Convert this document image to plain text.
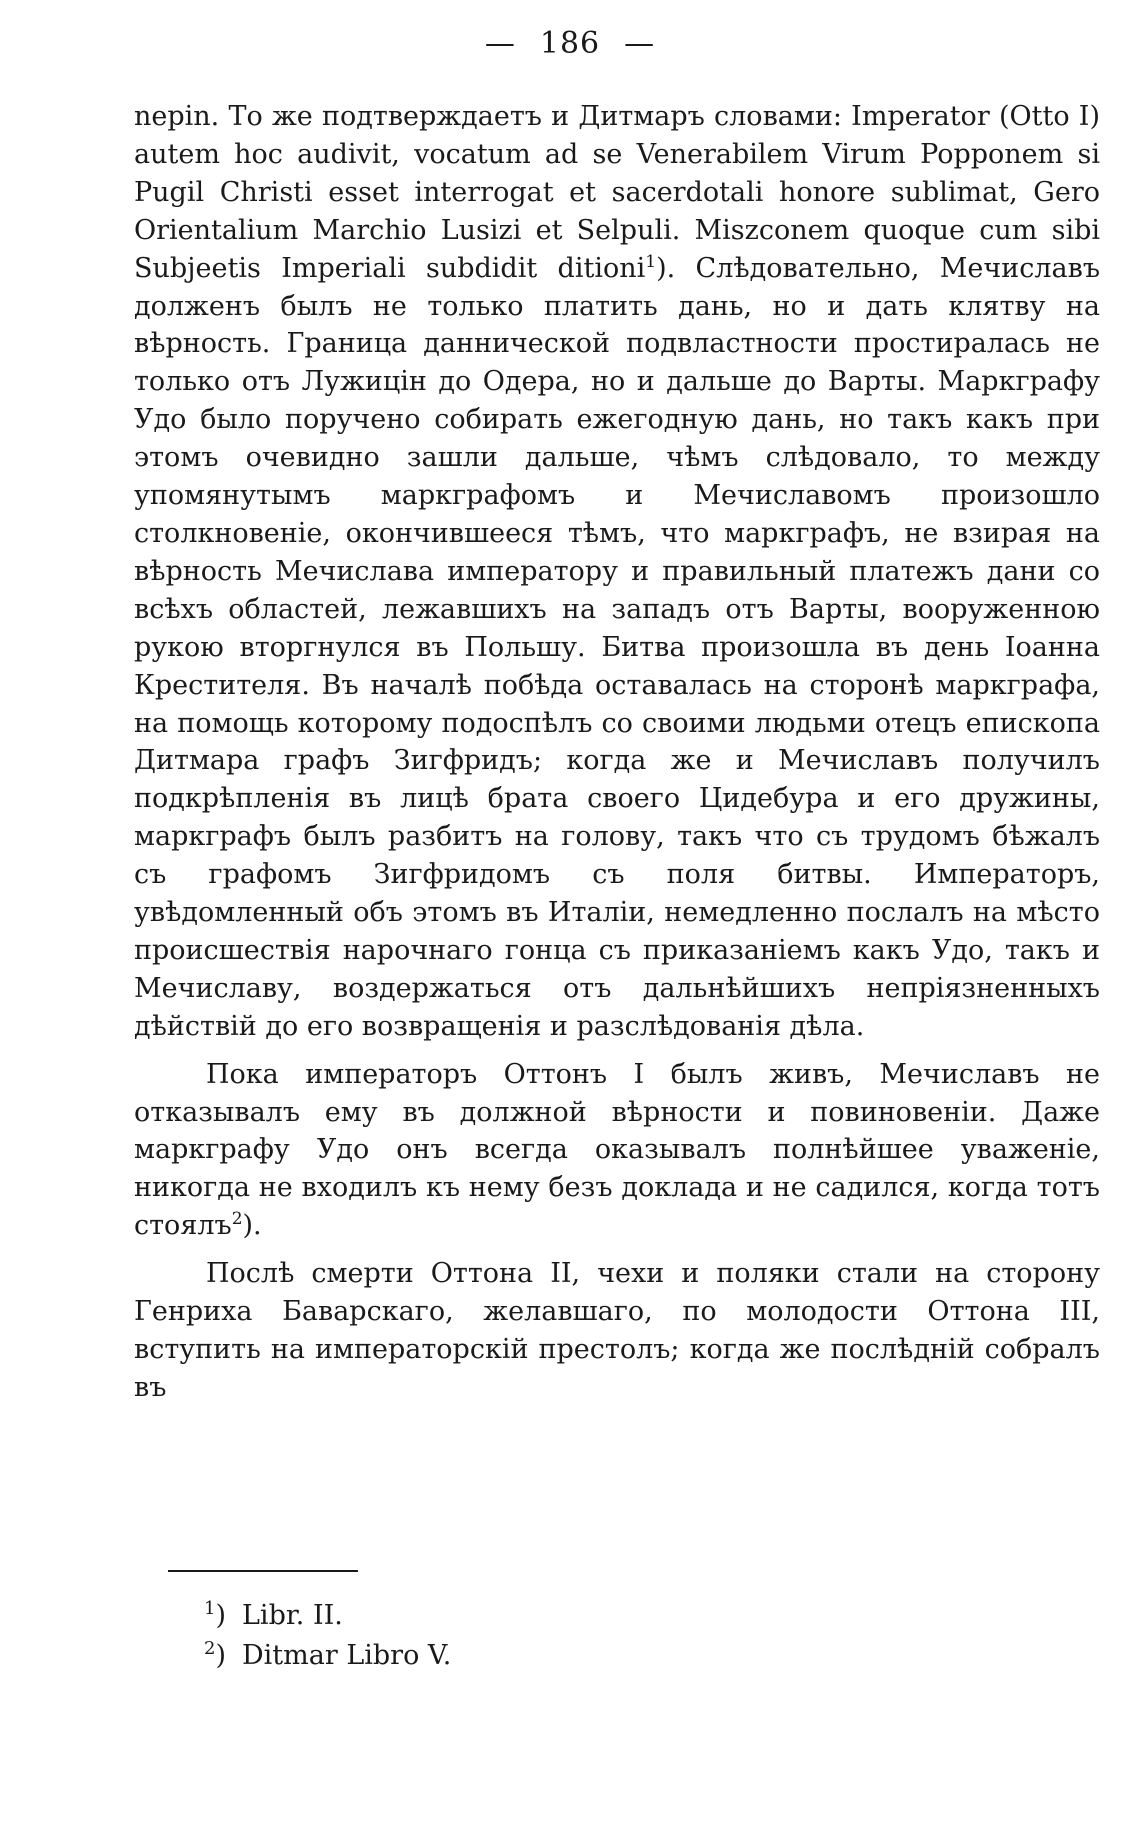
— 186 —

nepin. То же подтверждаетъ и Дитмаръ словами: Imperator (Otto I) autem hoc audivit, vocatum ad se Venerabilem Virum Popponem si Pugil Christi esset interrogat et sacerdotali honore sublimat, Gero Orientalium Marchio Lusizi et Selpuli. Miszconem quoque cum sibi Subjeetis Imperiali subdidit ditioni$^1$). Слѣдовательно, Мечиславъ долженъ былъ не только платить дань, но и дать клятву на вѣрность. Граница даннической подвластности простиралась не только отъ Лужицін до Одера, но и дальше до Варты. Маркграфу Удо было поручено собирать ежегодную дань, но такъ какъ при этомъ очевидно зашли дальше, чѣмъ слѣдовало, то между упомянутымъ маркграфомъ и Мечиславомъ произошло столкновеніе, окончившееся тѣмъ, что маркграфъ, не взирая на вѣрность Мечислава императору и правильный платежъ дани со всѣхъ областей, лежавшихъ на западъ отъ Варты, вооруженною рукою вторгнулся въ Польшу. Битва произошла въ день Іоанна Крестителя. Въ началѣ побѣда оставалась на сторонѣ маркграфа, на помощь которому подоспѣлъ со своими людьми отецъ епископа Дитмара графъ Зигфридъ; когда же и Мечиславъ получилъ подкрѣпленія въ лицѣ брата своего Цидебура и его дружины, маркграфъ былъ разбитъ на голову, такъ что съ трудомъ бѣжалъ съ графомъ Зигфридомъ съ поля битвы. Императоръ, увѣдомленный объ этомъ въ Италіи, немедленно послалъ на мѣсто происшествія нарочнаго гонца съ приказаніемъ какъ Удо, такъ и Мечиславу, воздержаться отъ дальнѣйшихъ непріязненныхъ дѣйствій до его возвращенія и разслѣдованія дѣла.

Пока императоръ Оттонъ I былъ живъ, Мечиславъ не отказывалъ ему въ должной вѣрности и повиновеніи. Даже маркграфу Удо онъ всегда оказывалъ полнѣйшее уваженіе, никогда не входилъ къ нему безъ доклада и не садился, когда тотъ стоялъ$^2$).

Послѣ смерти Оттона II, чехи и поляки стали на сторону Генриха Баварскаго, желавшаго, по молодости Оттона III, вступить на императорскій престолъ; когда же послѣдній собралъ въ

$^1$) Libr. II.
$^2$) Ditmar Libro V.
